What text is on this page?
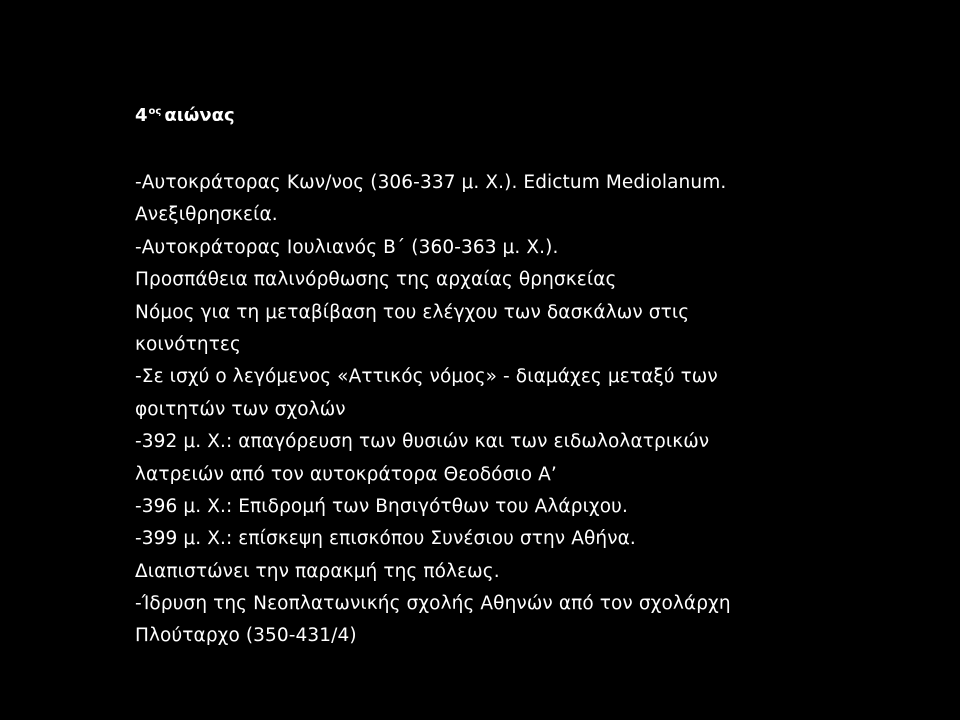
$4^{o\varsigma}$ αιώνας
-Αυτοκράτορας Κων/νος (306-337 μ. Χ.). Edictum Mediolanum.
Ανεξιθρησκεία.
-Αυτοκράτορας Ιουλιανός Β΄ (360-363 μ. Χ.).
Προσπάθεια παλινόρθωσης της αρχαίας θρησκείας
Νόμος για τη μεταβίβαση του ελέγχου των δασκάλων στις
κοινότητες
-Σε ισχύ ο λεγόμενος «Αττικός νόμος» - διαμάχες μεταξύ των
φοιτητών των σχολών
-392 μ. Χ.: απαγόρευση των θυσιών και των ειδωλολατρικών
λατρειών από τον αυτοκράτορα Θεοδόσιο Α’
-396 μ. Χ.: Επιδρομή των Βησιγότθων του Αλάριχου.
-399 μ. Χ.: επίσκεψη επισκόπου Συνέσιου στην Αθήνα.
Διαπιστώνει την παρακμή της πόλεως.
-Ίδρυση της Νεοπλατωνικής σχολής Αθηνών από τον σχολάρχη
Πλούταρχο (350-431/4)
